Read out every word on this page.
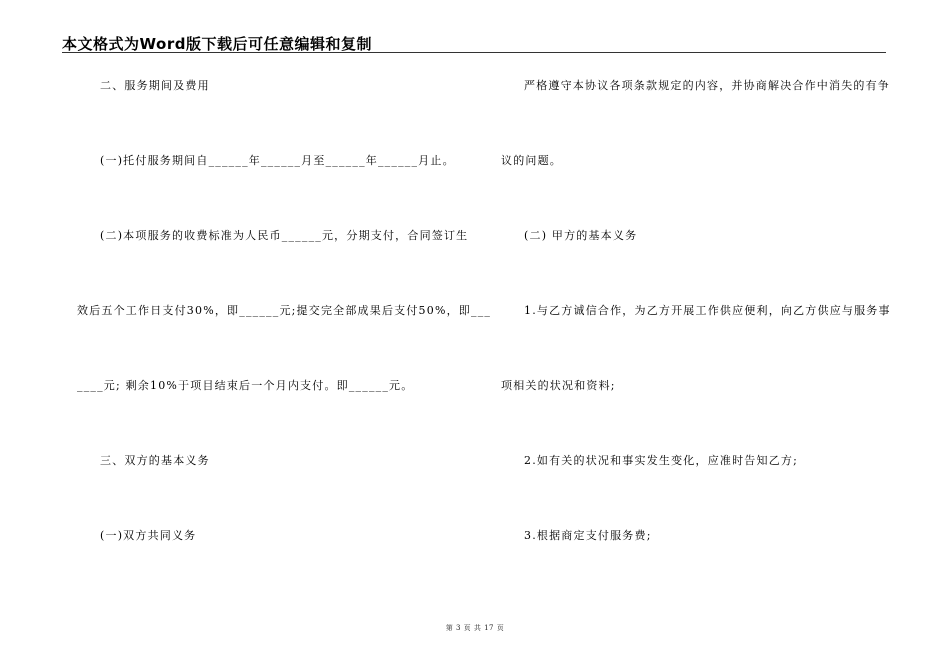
本文格式为Word版下载后可任意编辑和复制
二、服务期间及费用
(一)托付服务期间自______年______月至______年______月止。
(二)本项服务的收费标准为人民币______元，分期支付，合同签订生
效后五个工作日支付30%，即______元;提交完全部成果后支付50%，即___
____元; 剩余10%于项目结束后一个月内支付。即______元。
三、双方的基本义务
(一)双方共同义务
严格遵守本协议各项条款规定的内容，并协商解决合作中消失的有争
议的问题。
(二) 甲方的基本义务
1.与乙方诚信合作，为乙方开展工作供应便利，向乙方供应与服务事
项相关的状况和资料;
2.如有关的状况和事实发生变化，应准时告知乙方;
3.根据商定支付服务费;
第 3 页 共 17 页
